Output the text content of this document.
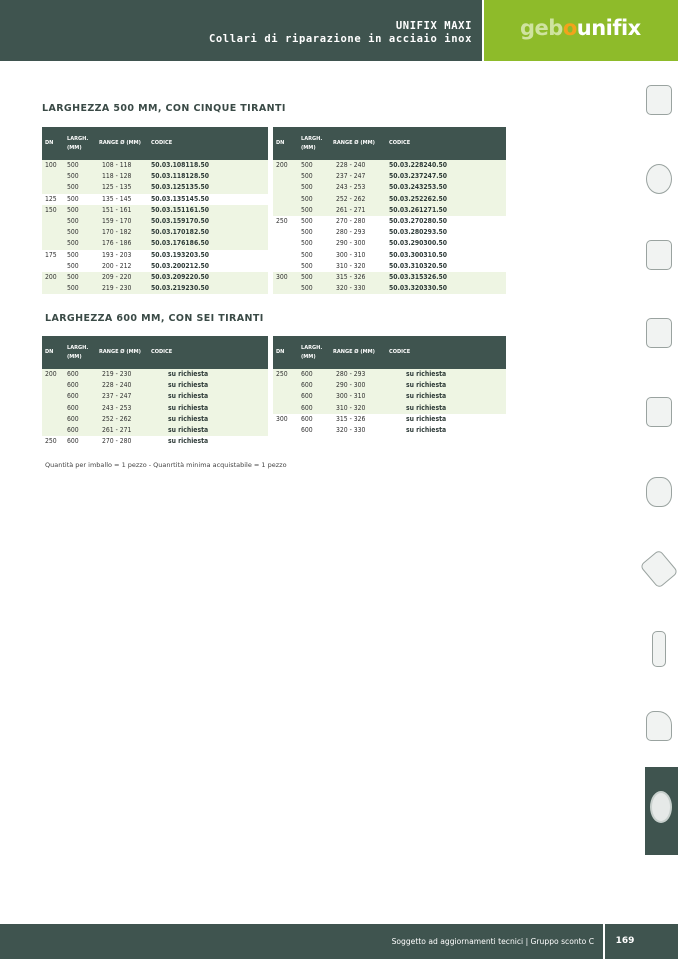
UNIFIX MAXI
Collari di riparazione in acciaio inox gebounifix
LARGHEZZA 500 MM, CON CINQUE TIRANTI
DN	LARGH. (MM)	RANGE Ø (MM)	CODICE
100	500	108 - 118	50.03.108118.50
	500	118 - 128	50.03.118128.50
	500	125 - 135	50.03.125135.50
125	500	135 - 145	50.03.135145.50
150	500	151 - 161	50.03.151161.50
	500	159 - 170	50.03.159170.50
	500	170 - 182	50.03.170182.50
	500	176 - 186	50.03.176186.50
175	500	193 - 203	50.03.193203.50
	500	200 - 212	50.03.200212.50
200	500	209 - 220	50.03.209220.50
	500	219 - 230	50.03.219230.50
DN	LARGH. (MM)	RANGE Ø (MM)	CODICE
200	500	228 - 240	50.03.228240.50
	500	237 - 247	50.03.237247.50
	500	243 - 253	50.03.243253.50
	500	252 - 262	50.03.252262.50
	500	261 - 271	50.03.261271.50
250	500	270 - 280	50.03.270280.50
	500	280 - 293	50.03.280293.50
	500	290 - 300	50.03.290300.50
	500	300 - 310	50.03.300310.50
	500	310 - 320	50.03.310320.50
300	500	315 - 326	50.03.315326.50
	500	320 - 330	50.03.320330.50
LARGHEZZA 600 MM, CON SEI TIRANTI
DN	LARGH. (MM)	RANGE Ø (MM)	CODICE
200	600	219 - 230	su richiesta
	600	228 - 240	su richiesta
	600	237 - 247	su richiesta
	600	243 - 253	su richiesta
	600	252 - 262	su richiesta
	600	261 - 271	su richiesta
250	600	270 - 280	su richiesta
DN	LARGH. (MM)	RANGE Ø (MM)	CODICE
250	600	280 - 293	su richiesta
	600	290 - 300	su richiesta
	600	300 - 310	su richiesta
	600	310 - 320	su richiesta
300	600	315 - 326	su richiesta
	600	320 - 330	su richiesta
Quantità per imballo = 1 pezzo - Quanrtità minima acquistabile = 1 pezzo
Soggetto ad aggiornamenti tecnici | Gruppo sconto C	169
